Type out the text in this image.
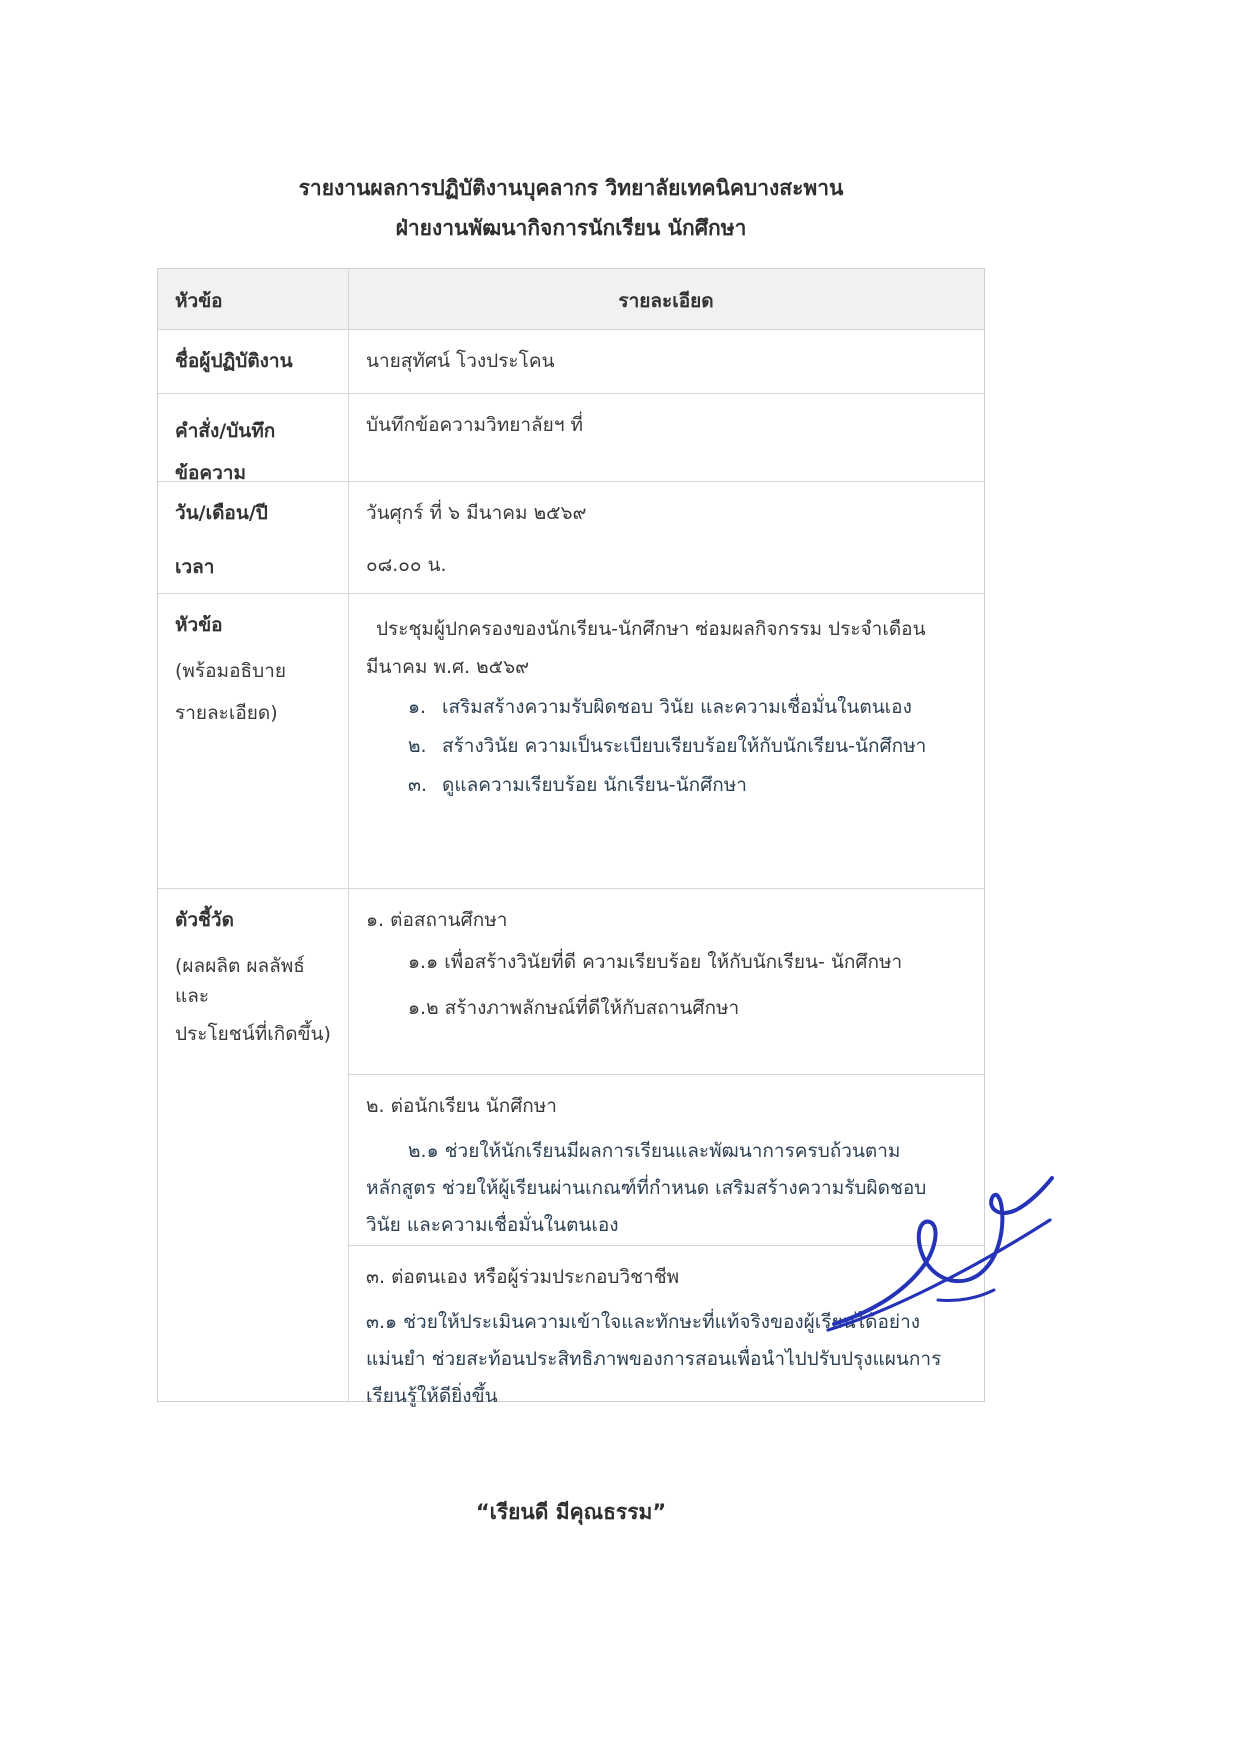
รายงานผลการปฏิบัติงานบุคลากร วิทยาลัยเทคนิคบางสะพาน
ฝ่ายงานพัฒนากิจการนักเรียน นักศึกษา
หัวข้อ	รายละเอียด
ชื่อผู้ปฏิบัติงาน	นายสุทัศน์ โวงประโคน
คำสั่ง/บันทึก
ข้อความ
บันทึกข้อความวิทยาลัยฯ ที่
วัน/เดือน/ปี
เวลา
วันศุกร์ ที่ ๖ มีนาคม ๒๕๖๙
๐๘.๐๐ น.
หัวข้อ
(พร้อมอธิบาย
รายละเอียด)
ประชุมผู้ปกครองของนักเรียน-นักศึกษา ซ่อมผลกิจกรรม ประจำเดือน มีนาคม พ.ศ. ๒๕๖๙
๑. เสริมสร้างความรับผิดชอบ วินัย และความเชื่อมั่นในตนเอง
๒. สร้างวินัย ความเป็นระเบียบเรียบร้อยให้กับนักเรียน-นักศึกษา
๓. ดูแลความเรียบร้อย นักเรียน-นักศึกษา
ตัวชี้วัด
(ผลผลิต ผลลัพธ์ และ
ประโยชน์ที่เกิดขึ้น)
๑. ต่อสถานศึกษา
๑.๑ เพื่อสร้างวินัยที่ดี ความเรียบร้อย ให้กับนักเรียน- นักศึกษา
๑.๒ สร้างภาพลักษณ์ที่ดีให้กับสถานศึกษา
๒. ต่อนักเรียน นักศึกษา
๒.๑ ช่วยให้นักเรียนมีผลการเรียนและพัฒนาการครบถ้วนตามหลักสูตร ช่วยให้ผู้เรียนผ่านเกณฑ์ที่กำหนด เสริมสร้างความรับผิดชอบ วินัย และความเชื่อมั่นในตนเอง
๓. ต่อตนเอง หรือผู้ร่วมประกอบวิชาชีพ
๓.๑ ช่วยให้ประเมินความเข้าใจและทักษะที่แท้จริงของผู้เรียนได้อย่างแม่นยำ ช่วยสะท้อนประสิทธิภาพของการสอนเพื่อนำไปปรับปรุงแผนการเรียนรู้ให้ดียิ่งขึ้น
“เรียนดี มีคุณธรรม”
